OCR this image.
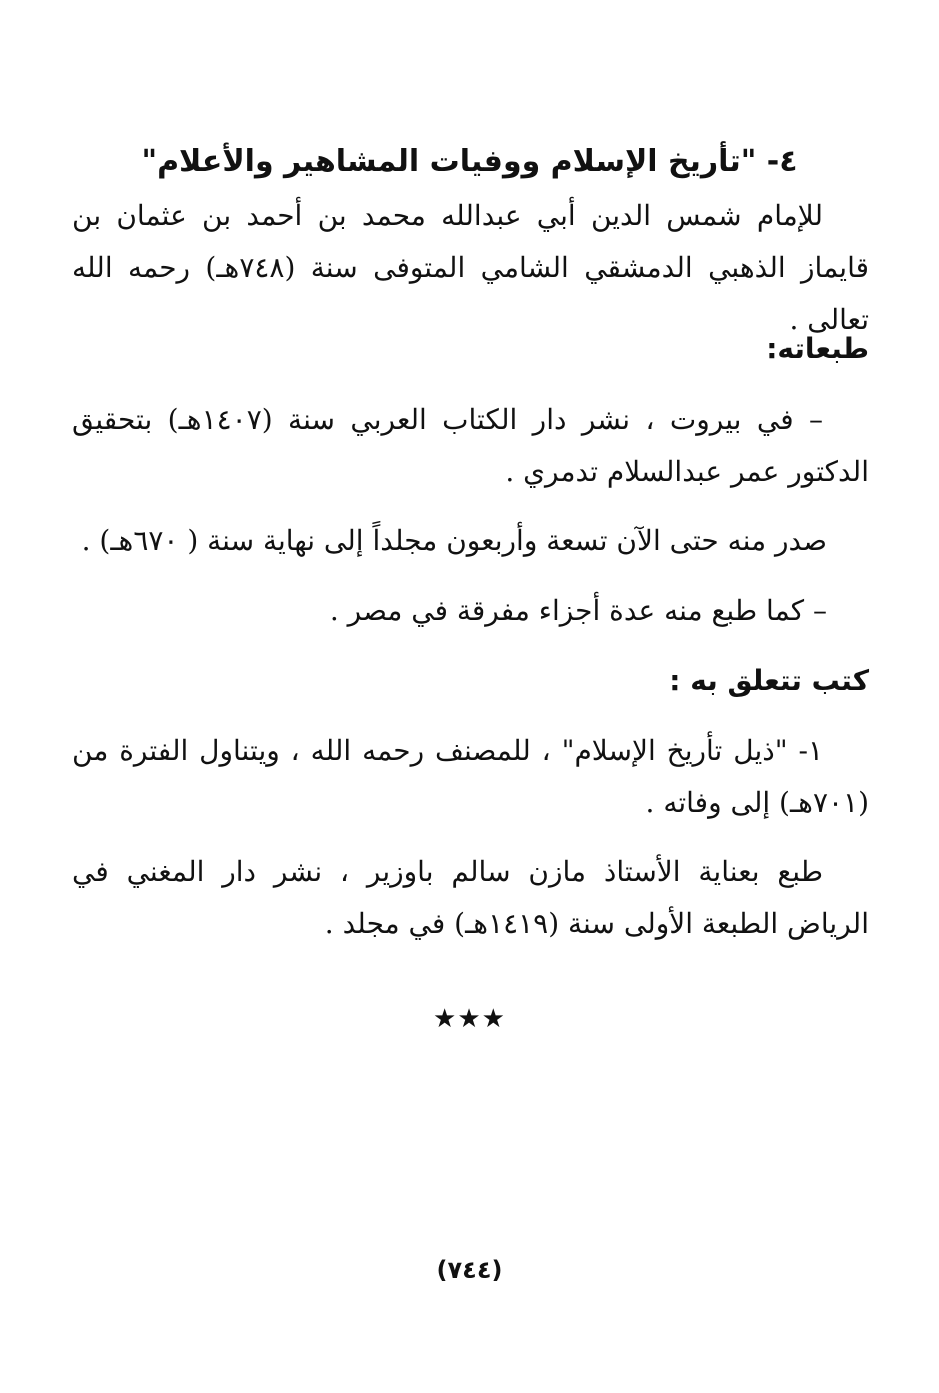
٤- "تأريخ الإسلام ووفيات المشاهير والأعلام"

للإمام شمس الدين أبي عبدالله محمد بن أحمد بن عثمان بن قايماز الذهبي الدمشقي الشامي المتوفى سنة (٧٤٨هـ) رحمه الله تعالى .

طبعاته:

– في بيروت ، نشر دار الكتاب العربي سنة (١٤٠٧هـ) بتحقيق الدكتور عمر عبدالسلام تدمري .

صدر منه حتى الآن تسعة وأربعون مجلداً إلى نهاية سنة ( ٦٧٠هـ) .
– كما طبع منه عدة أجزاء مفرقة في مصر .
كتب تتعلق به :

١- "ذيل تأريخ الإسلام" ، للمصنف رحمه الله ، ويتناول الفترة من (٧٠١هـ) إلى وفاته .

طبع بعناية الأستاذ مازن سالم باوزير ، نشر دار المغني في الرياض الطبعة الأولى سنة (١٤١٩هـ) في مجلد .

★★★
(٧٤٤)
